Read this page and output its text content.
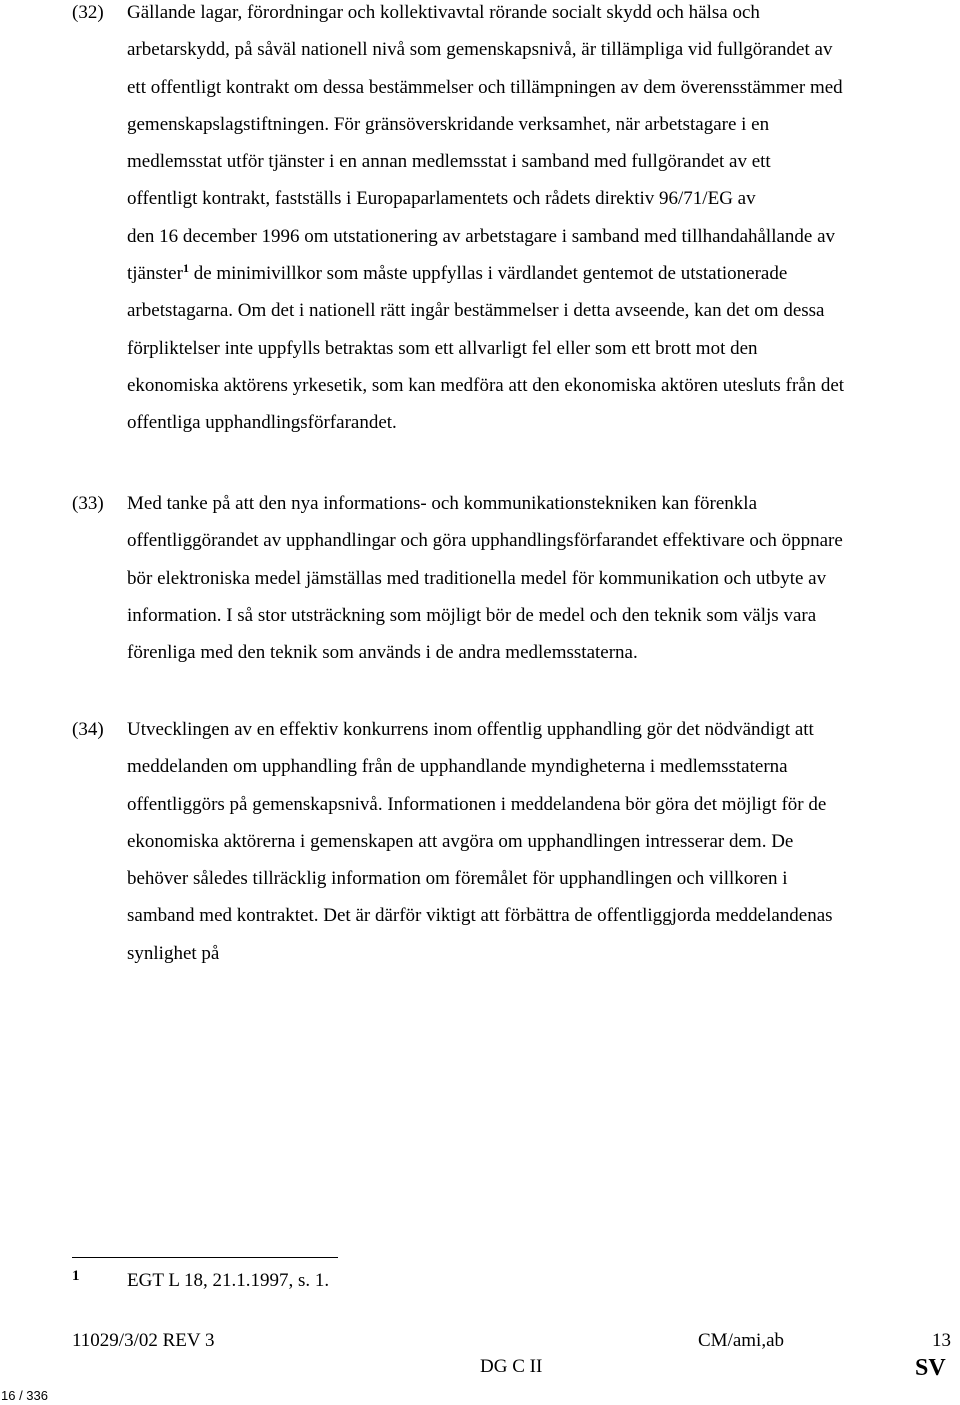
(32) Gällande lagar, förordningar och kollektivavtal rörande socialt skydd och hälsa och
arbetarskydd, på såväl nationell nivå som gemenskapsnivå, är tillämpliga vid fullgörandet av
ett offentligt kontrakt om dessa bestämmelser och tillämpningen av dem överensstämmer med
gemenskapslagstiftningen. För gränsöverskridande verksamhet, när arbetstagare i en
medlemsstat utför tjänster i en annan medlemsstat i samband med fullgörandet av ett
offentligt kontrakt, fastställs i Europaparlamentets och rådets direktiv 96/71/EG av
den 16 december 1996 om utstationering av arbetstagare i samband med tillhandahållande av
tjänster$^1$ de minimivillkor som måste uppfyllas i värdlandet gentemot de utstationerade
arbetstagarna. Om det i nationell rätt ingår bestämmelser i detta avseende, kan det om dessa
förpliktelser inte uppfylls betraktas som ett allvarligt fel eller som ett brott mot den
ekonomiska aktörens yrkesetik, som kan medföra att den ekonomiska aktören utesluts från det
offentliga upphandlingsförfarandet.
(33) Med tanke på att den nya informations- och kommunikationstekniken kan förenkla
offentliggörandet av upphandlingar och göra upphandlingsförfarandet effektivare och öppnare
bör elektroniska medel jämställas med traditionella medel för kommunikation och utbyte av
information. I så stor utsträckning som möjligt bör de medel och den teknik som väljs vara
förenliga med den teknik som används i de andra medlemsstaterna.
(34) Utvecklingen av en effektiv konkurrens inom offentlig upphandling gör det nödvändigt att
meddelanden om upphandling från de upphandlande myndigheterna i medlemsstaterna
offentliggörs på gemenskapsnivå. Informationen i meddelandena bör göra det möjligt för de
ekonomiska aktörerna i gemenskapen att avgöra om upphandlingen intresserar dem. De
behöver således tillräcklig information om föremålet för upphandlingen och villkoren i
samband med kontraktet. Det är därför viktigt att förbättra de offentliggjorda meddelandenas
synlighet på
1	EGT L 18, 21.1.1997, s. 1.
11029/3/02 REV 3	CM/ami,ab	13
DG C II	SV
16 / 336
